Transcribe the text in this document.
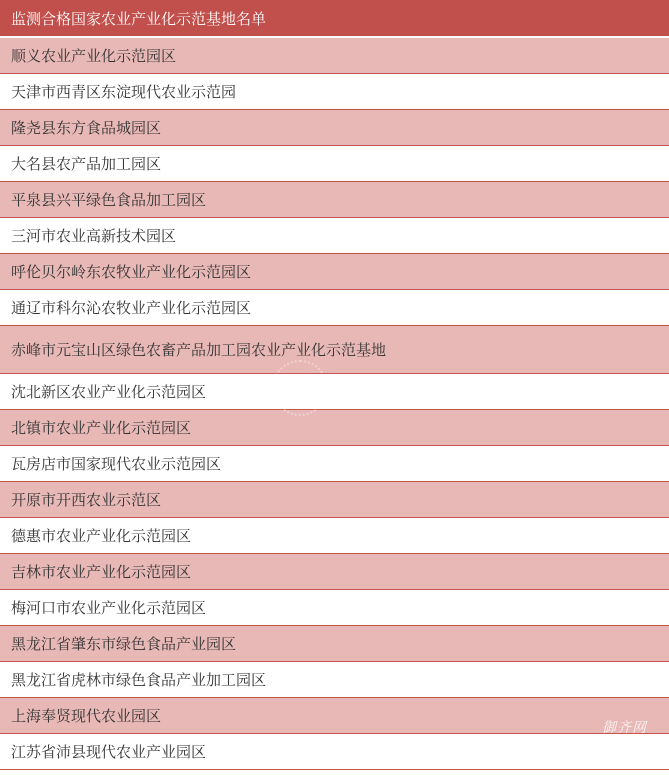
监测合格国家农业产业化示范基地名单
顺义农业产业化示范园区
天津市西青区东淀现代农业示范园
隆尧县东方食品城园区
大名县农产品加工园区
平泉县兴平绿色食品加工园区
三河市农业高新技术园区
呼伦贝尔岭东农牧业产业化示范园区
通辽市科尔沁农牧业产业化示范园区
赤峰市元宝山区绿色农畜产品加工园农业产业化示范基地
沈北新区农业产业化示范园区
北镇市农业产业化示范园区
瓦房店市国家现代农业示范园区
开原市开西农业示范区
德惠市农业产业化示范园区
吉林市农业产业化示范园区
梅河口市农业产业化示范园区
黑龙江省肇东市绿色食品产业园区
黑龙江省虎林市绿色食品产业加工园区
上海奉贤现代农业园区
江苏省沛县现代农业产业园区
御齐网
